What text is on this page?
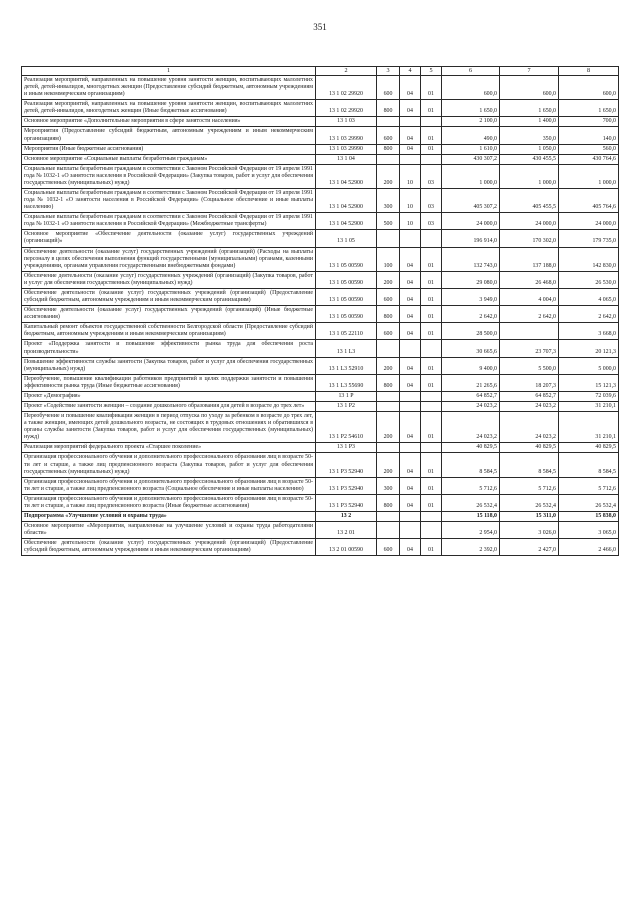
351
1	2	3	4	5	6	7	8
Реализация мероприятий, направленных на повышение уровня занятости женщин, воспитывающих малолетних детей, детей-инвалидов, многодетных женщин (Предоставление субсидий бюджетным, автономным учреждениям и иным некоммерческим организациям)	13 1 02 29920	600	04	01	600,0	600,0	600,0
Реализация мероприятий, направленных на повышение уровня занятости женщин, воспитывающих малолетних детей, детей-инвалидов, многодетных женщин (Иные бюджетные ассигнования)	13 1 02 29920	800	04	01	1 650,0	1 650,0	1 650,0
Основное мероприятие «Дополнительные мероприятия в сфере занятости населения»	13 1 03				2 100,0	1 400,0	700,0
Мероприятия (Предоставление субсидий бюджетным, автономным учреждениям и иным некоммерческим организациям)	13 1 03 29990	600	04	01	490,0	350,0	140,0
Мероприятия (Иные бюджетные ассигнования)	13 1 03 29990	800	04	01	1 610,0	1 050,0	560,0
Основное мероприятие «Социальные выплаты безработным гражданам»	13 1 04				430 307,2	430 455,5	430 764,6
Социальные выплаты безработным гражданам в соответствии с Законом Российской Федерации от 19 апреля 1991 года № 1032-1 «О занятости населения в Российской Федерации» (Закупка товаров, работ и услуг для обеспечения государственных (муниципальных) нужд)	13 1 04 52900	200	10	03	1 000,0	1 000,0	1 000,0
Социальные выплаты безработным гражданам в соответствии с Законом Российской Федерации от 19 апреля 1991 года № 1032-1 «О занятости населения в Российской Федерации» (Социальное обеспечение и иные выплаты населению)	13 1 04 52900	300	10	03	405 307,2	405 455,5	405 764,6
Социальные выплаты безработным гражданам в соответствии с Законом Российской Федерации от 19 апреля 1991 года № 1032-1 «О занятости населения в Российской Федерации» (Межбюджетные трансферты)	13 1 04 52900	500	10	03	24 000,0	24 000,0	24 000,0
Основное мероприятие «Обеспечение деятельности (оказание услуг) государственных учреждений (организаций)»	13 1 05				196 914,0	170 302,0	179 735,0
Обеспечение деятельности (оказание услуг) государственных учреждений (организаций) (Расходы на выплаты персоналу в целях обеспечения выполнения функций государственными (муниципальными) органами, казенными учреждениями, органами управления государственными внебюджетными фондами)	13 1 05 00590	100	04	01	132 743,0	137 188,0	142 830,0
Обеспечение деятельности (оказание услуг) государственных учреждений (организаций) (Закупка товаров, работ и услуг для обеспечения государственных (муниципальных) нужд)	13 1 05 00590	200	04	01	29 080,0	26 468,0	26 530,0
Обеспечение деятельности (оказание услуг) государственных учреждений (организаций) (Предоставление субсидий бюджетным, автономным учреждениям и иным некоммерческим организациям)	13 1 05 00590	600	04	01	3 949,0	4 004,0	4 065,0
Обеспечение деятельности (оказание услуг) государственных учреждений (организаций) (Иные бюджетные ассигнования)	13 1 05 00590	800	04	01	2 642,0	2 642,0	2 642,0
Капитальный ремонт объектов государственной собственности Белгородской области (Предоставление субсидий бюджетным, автономным учреждениям и иным некоммерческим организациям)	13 1 05 22110	600	04	01	28 500,0		3 668,0
Проект «Поддержка занятости и повышение эффективности рынка труда для обеспечения роста производительности»	13 1 L3				30 665,6	23 707,3	20 121,3
Повышение эффективности службы занятости (Закупка товаров, работ и услуг для обеспечения государственных (муниципальных) нужд)	13 1 L3 52910	200	04	01	9 400,0	5 500,0	5 000,0
Переобучение, повышение квалификации работников предприятий в целях поддержки занятости и повышения эффективности рынка труда (Иные бюджетные ассигнования)	13 1 L3 55690	800	04	01	21 265,6	18 207,3	15 121,3
Проект «Демография»	13 1 P				64 852,7	64 852,7	72 039,6
Проект «Содействие занятости женщин – создание дошкольного образования для детей в возрасте до трех лет»	13 1 P2				24 023,2	24 023,2	31 210,1
Переобучение и повышение квалификации женщин в период отпуска по уходу за ребенком в возрасте до трех лет, а также женщин, имеющих детей дошкольного возраста, не состоящих в трудовых отношениях и обратившихся в органы службы занятости (Закупка товаров, работ и услуг для обеспечения государственных (муниципальных) нужд)	13 1 P2 54610	200	04	01	24 023,2	24 023,2	31 210,1
Реализация мероприятий федерального проекта «Старшее поколение»	13 1 P3				40 829,5	40 829,5	40 829,5
Организация профессионального обучения и дополнительного профессионального образования лиц в возрасте 50-ти лет и старше, а также лиц предпенсионного возраста (Закупка товаров, работ и услуг для обеспечения государственных (муниципальных) нужд)	13 1 P3 52940	200	04	01	8 584,5	8 584,5	8 584,5
Организация профессионального обучения и дополнительного профессионального образования лиц в возрасте 50-ти лет и старше, а также лиц предпенсионного возраста (Социальное обеспечение и иные выплаты населению)	13 1 P3 52940	300	04	01	5 712,6	5 712,6	5 712,6
Организация профессионального обучения и дополнительного профессионального образования лиц в возрасте 50-ти лет и старше, а также лиц предпенсионного возраста (Иные бюджетные ассигнования)	13 1 P3 52940	800	04	01	26 532,4	26 532,4	26 532,4
Подпрограмма «Улучшение условий и охраны труда»	13 2				15 118,0	15 311,0	15 838,0
Основное мероприятие «Мероприятия, направленные на улучшение условий и охраны труда работодателями области»	13 2 01				2 954,0	3 026,0	3 065,0
Обеспечение деятельности (оказание услуг) государственных учреждений (организаций) (Предоставление субсидий бюджетным, автономным учреждениям и иным некоммерческим организациям)	13 2 01 00590	600	04	01	2 392,0	2 427,0	2 466,0
